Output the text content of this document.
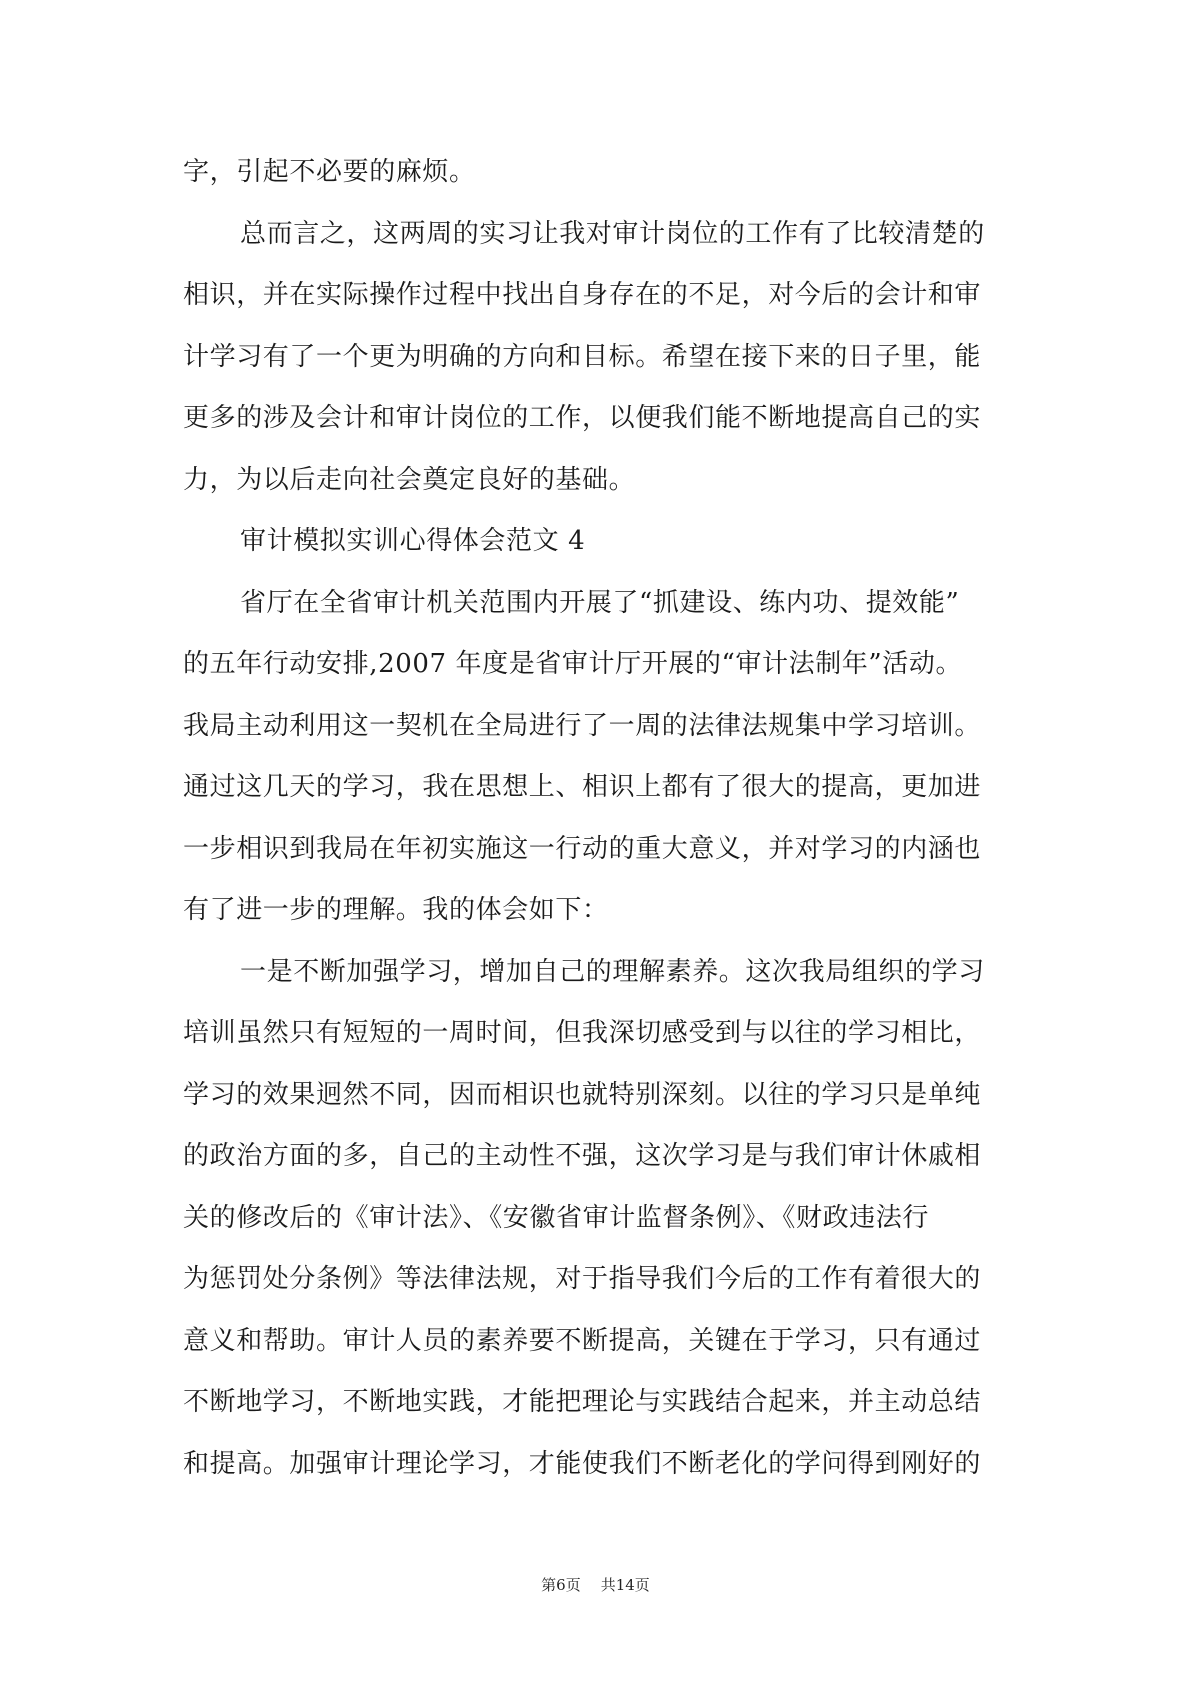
字，引起不必要的麻烦。
总而言之，这两周的实习让我对审计岗位的工作有了比较清楚的
相识，并在实际操作过程中找出自身存在的不足，对今后的会计和审
计学习有了一个更为明确的方向和目标。希望在接下来的日子里，能
更多的涉及会计和审计岗位的工作，以便我们能不断地提高自己的实
力，为以后走向社会奠定良好的基础。
审计模拟实训心得体会范文 4
省厅在全省审计机关范围内开展了“抓建设、练内功、提效能”
的五年行动安排,2007 年度是省审计厅开展的“审计法制年”活动。
我局主动利用这一契机在全局进行了一周的法律法规集中学习培训。
通过这几天的学习，我在思想上、相识上都有了很大的提高，更加进
一步相识到我局在年初实施这一行动的重大意义，并对学习的内涵也
有了进一步的理解。我的体会如下：
一是不断加强学习，增加自己的理解素养。这次我局组织的学习
培训虽然只有短短的一周时间，但我深切感受到与以往的学习相比，
学习的效果迥然不同，因而相识也就特别深刻。以往的学习只是单纯
的政治方面的多，自己的主动性不强，这次学习是与我们审计休戚相
关的修改后的《审计法》、《安徽省审计监督条例》、《财政违法行
为惩罚处分条例》等法律法规，对于指导我们今后的工作有着很大的
意义和帮助。审计人员的素养要不断提高，关键在于学习，只有通过
不断地学习，不断地实践，才能把理论与实践结合起来，并主动总结
和提高。加强审计理论学习，才能使我们不断老化的学问得到刚好的
第6页 共14页
